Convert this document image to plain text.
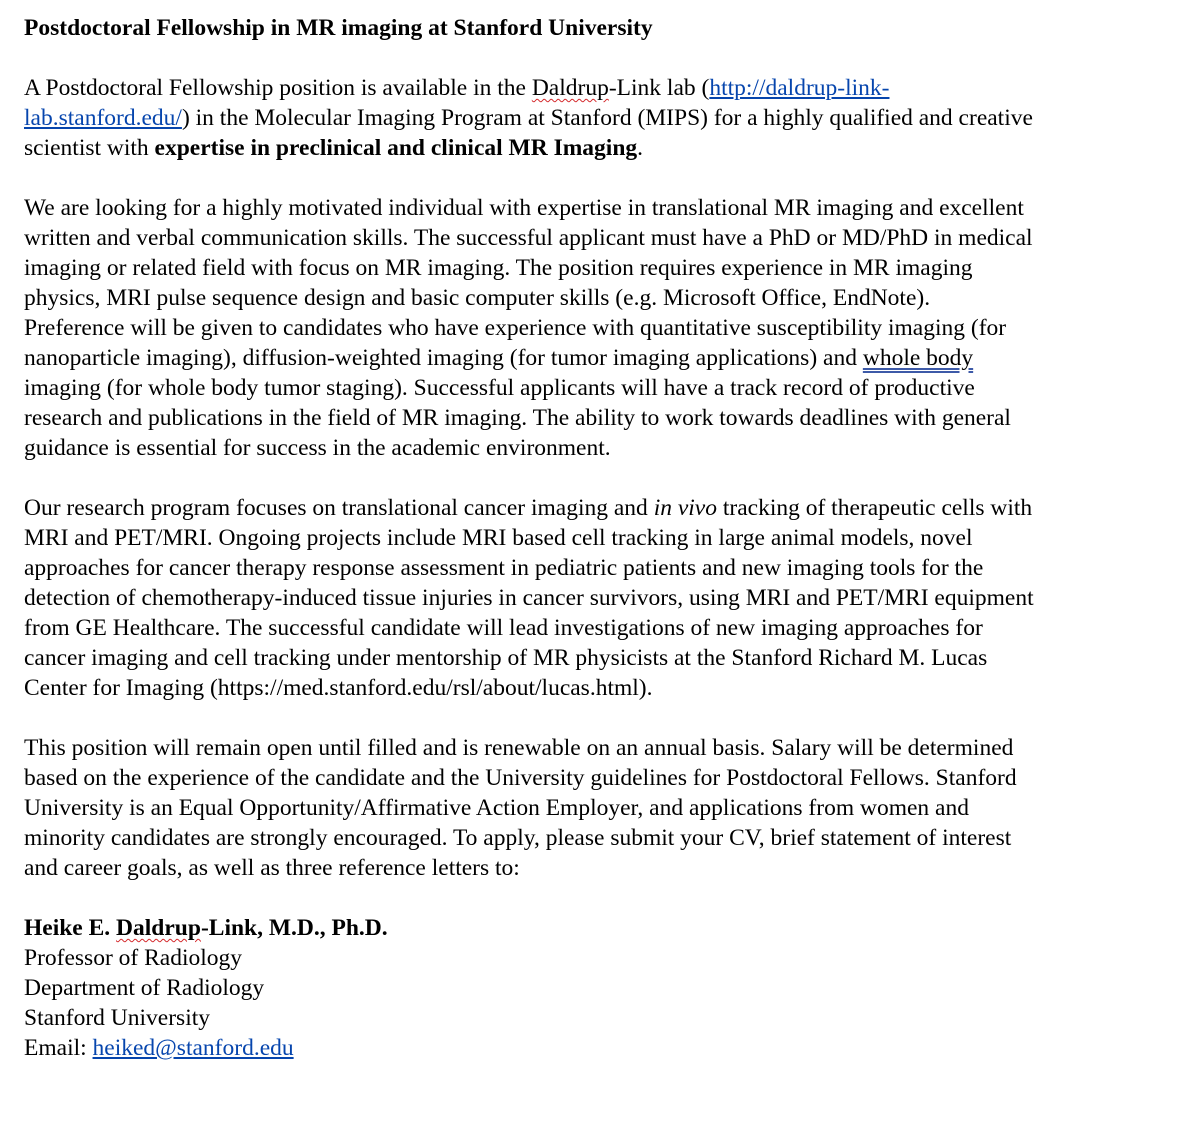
Postdoctoral Fellowship in MR imaging at Stanford University

A Postdoctoral Fellowship position is available in the Daldrup-Link lab (http://daldrup-link-
lab.stanford.edu/) in the Molecular Imaging Program at Stanford (MIPS) for a highly qualified and creative
scientist with expertise in preclinical and clinical MR Imaging.

We are looking for a highly motivated individual with expertise in translational MR imaging and excellent
written and verbal communication skills. The successful applicant must have a PhD or MD/PhD in medical
imaging or related field with focus on MR imaging. The position requires experience in MR imaging
physics, MRI pulse sequence design and basic computer skills (e.g. Microsoft Office, EndNote).
Preference will be given to candidates who have experience with quantitative susceptibility imaging (for
nanoparticle imaging), diffusion-weighted imaging (for tumor imaging applications) and whole body
imaging (for whole body tumor staging). Successful applicants will have a track record of productive
research and publications in the field of MR imaging. The ability to work towards deadlines with general
guidance is essential for success in the academic environment.

Our research program focuses on translational cancer imaging and in vivo tracking of therapeutic cells with
MRI and PET/MRI. Ongoing projects include MRI based cell tracking in large animal models, novel
approaches for cancer therapy response assessment in pediatric patients and new imaging tools for the
detection of chemotherapy-induced tissue injuries in cancer survivors, using MRI and PET/MRI equipment
from GE Healthcare. The successful candidate will lead investigations of new imaging approaches for
cancer imaging and cell tracking under mentorship of MR physicists at the Stanford Richard M. Lucas
Center for Imaging (https://med.stanford.edu/rsl/about/lucas.html).

This position will remain open until filled and is renewable on an annual basis. Salary will be determined
based on the experience of the candidate and the University guidelines for Postdoctoral Fellows. Stanford
University is an Equal Opportunity/Affirmative Action Employer, and applications from women and
minority candidates are strongly encouraged. To apply, please submit your CV, brief statement of interest
and career goals, as well as three reference letters to:

Heike E. Daldrup-Link, M.D., Ph.D.
Professor of Radiology
Department of Radiology
Stanford University
Email: heiked@stanford.edu
